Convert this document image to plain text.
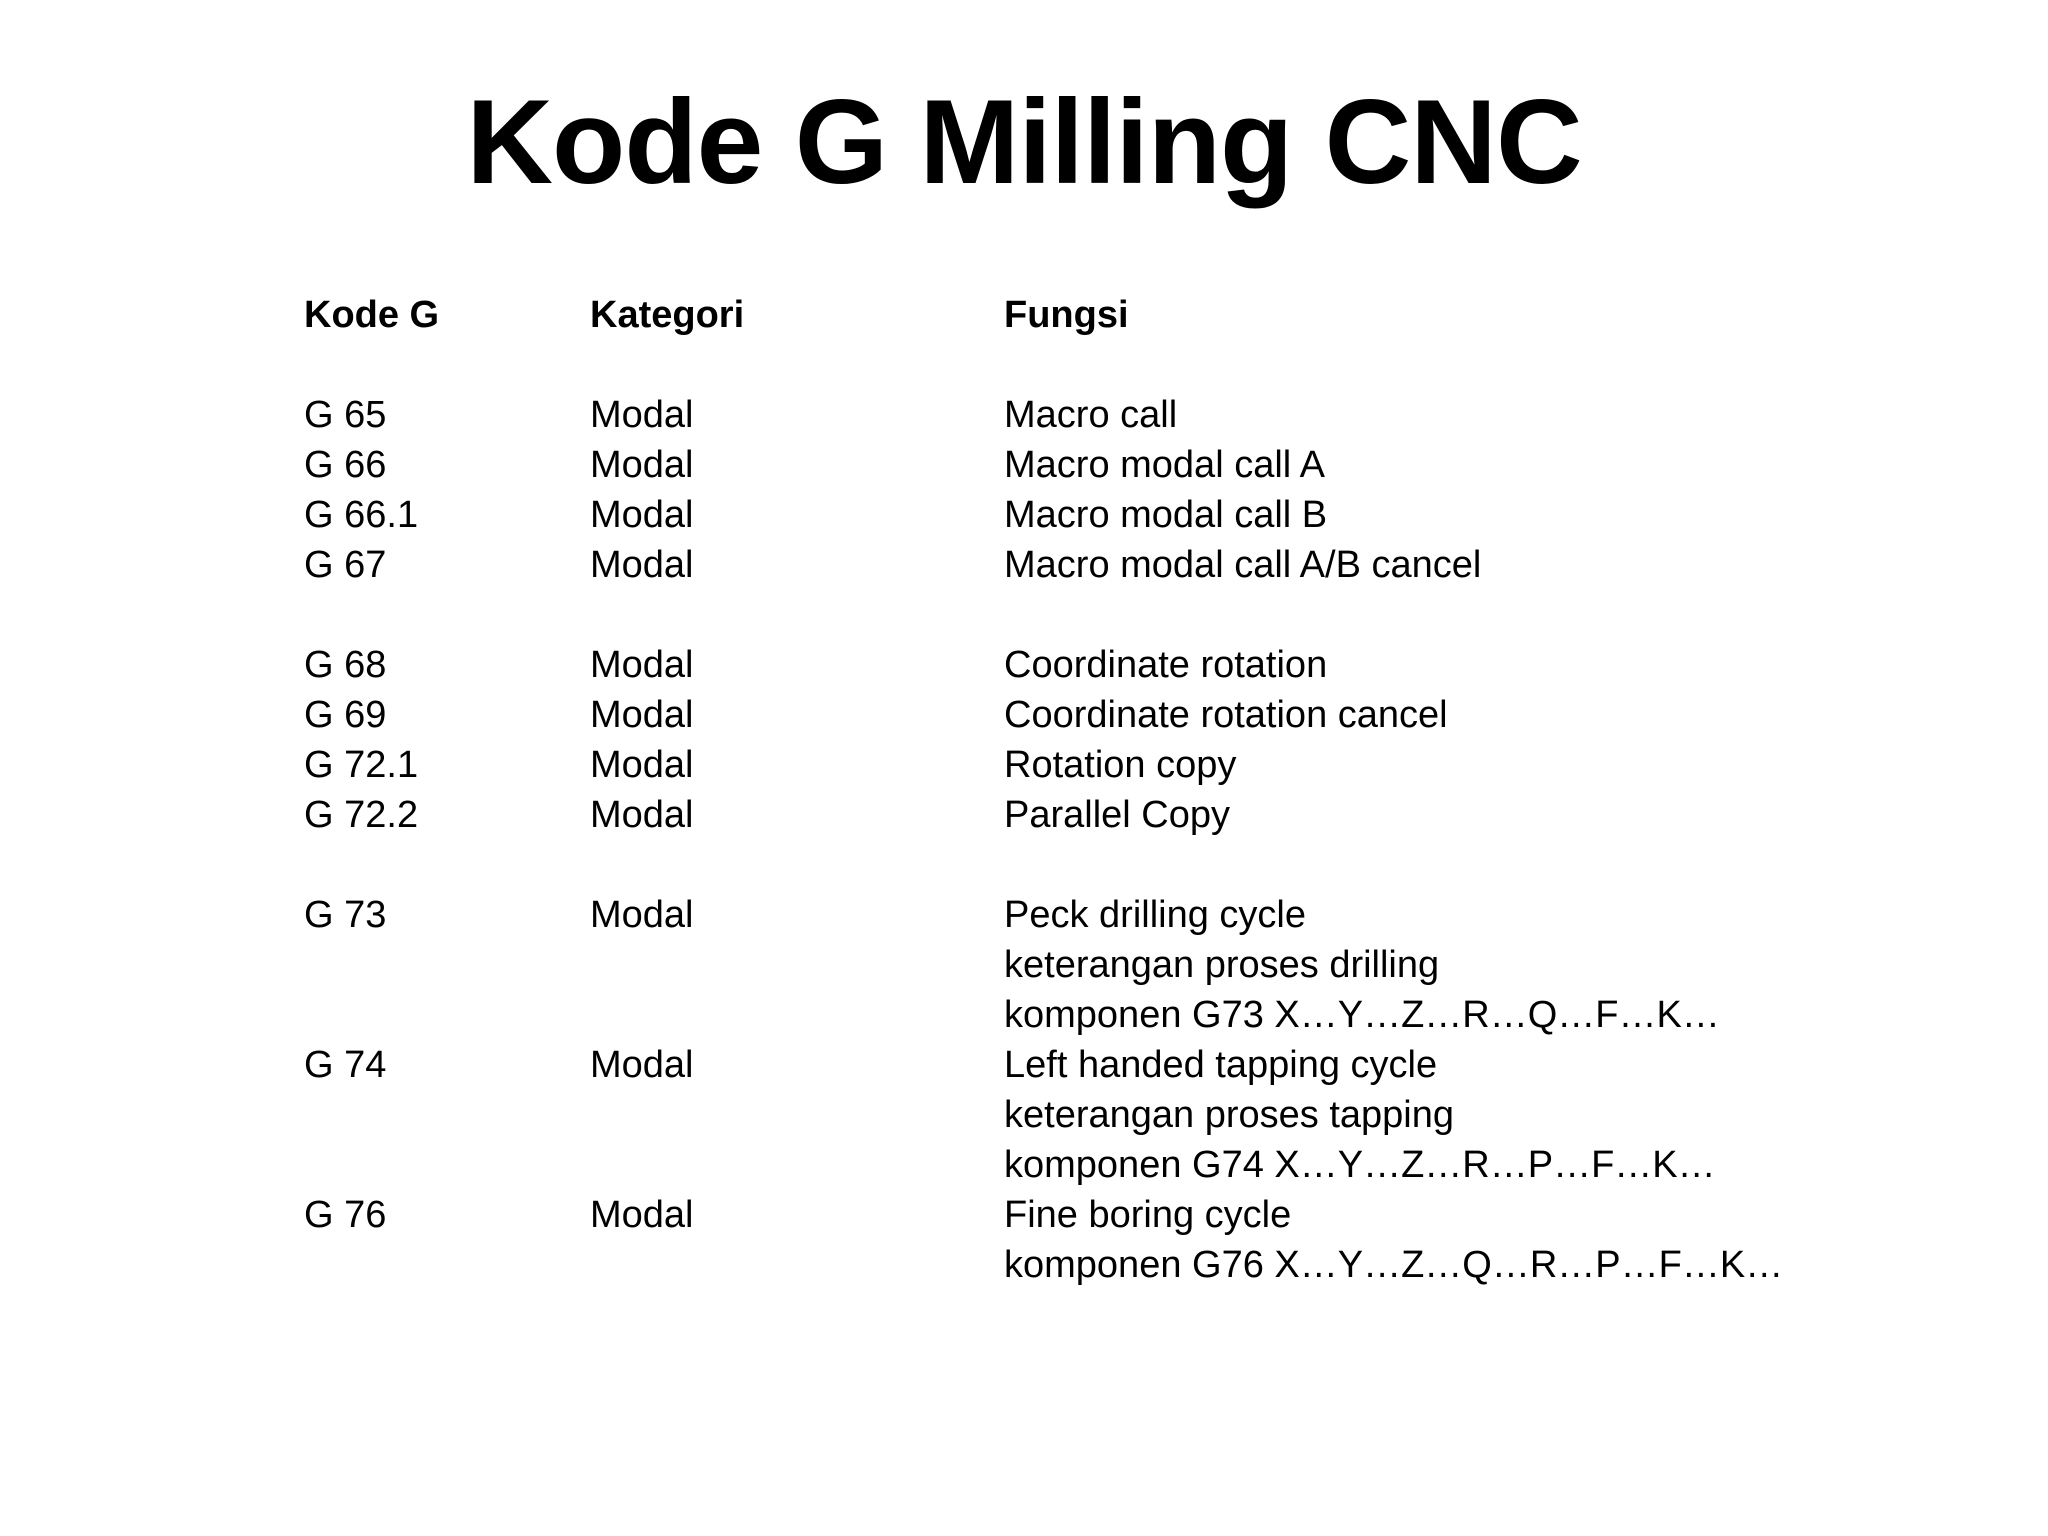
Kode G Milling CNC
Kode G	Kategori	Fungsi
G 65	Modal	Macro call
G 66	Modal	Macro modal call A
G 66.1	Modal	Macro modal call B
G 67	Modal	Macro modal call A/B cancel
G 68	Modal	Coordinate rotation
G 69	Modal	Coordinate rotation cancel
G 72.1	Modal	Rotation copy
G 72.2	Modal	Parallel Copy
G 73	Modal	Peck drilling cycle
keterangan proses drilling
komponen G73 X…Y…Z…R…Q…F…K…
G 74	Modal	Left handed tapping cycle
keterangan proses tapping
komponen G74 X…Y…Z…R…P…F…K…
G 76	Modal	Fine boring cycle
komponen G76 X…Y…Z…Q…R…P…F…K…
